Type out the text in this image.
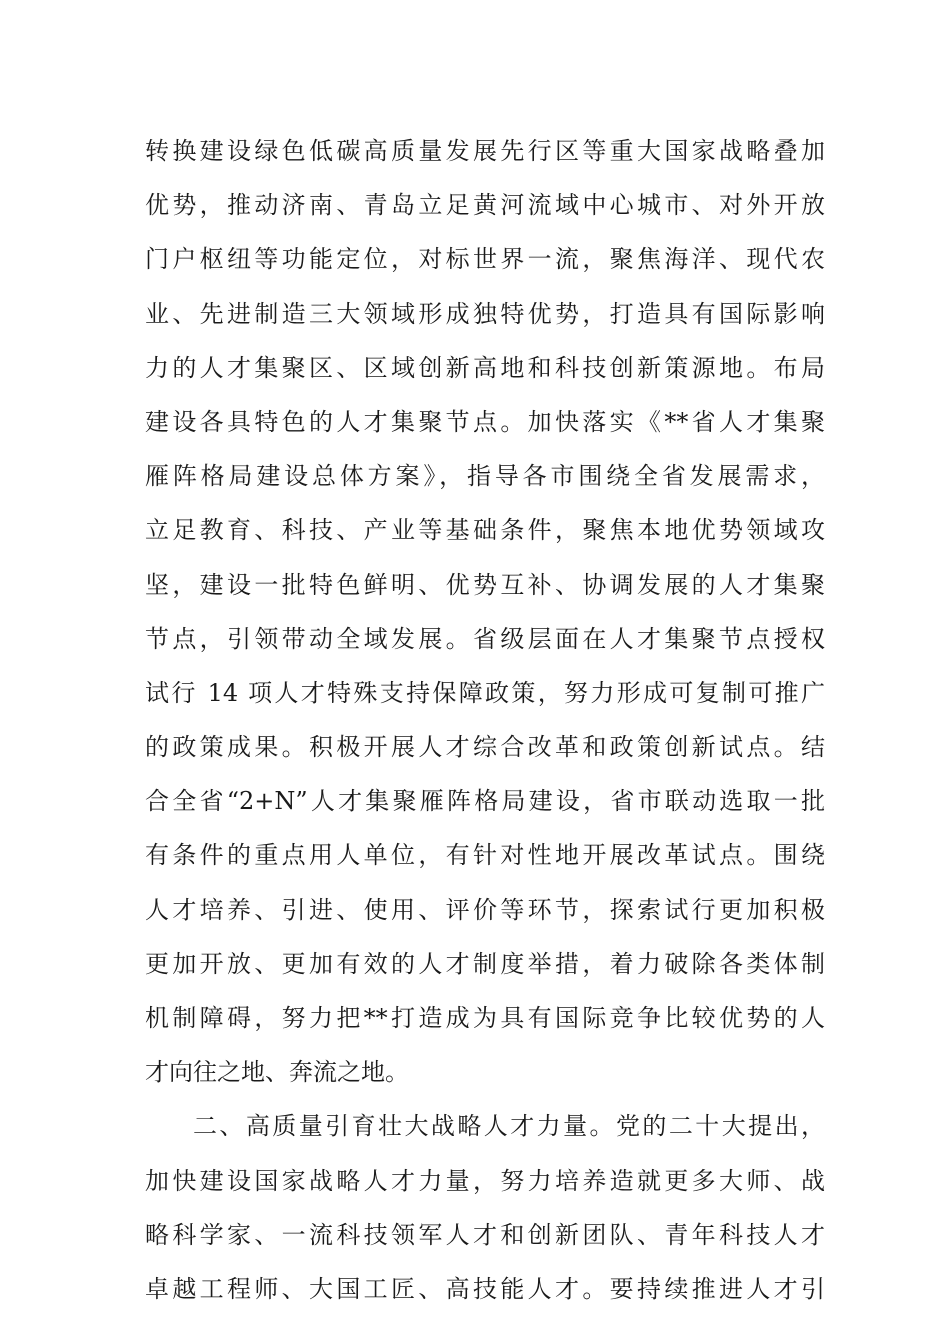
转换建设绿色低碳高质量发展先行区等重大国家战略叠加
优势，推动济南、青岛立足黄河流域中心城市、对外开放
门户枢纽等功能定位，对标世界一流，聚焦海洋、现代农
业、先进制造三大领域形成独特优势，打造具有国际影响
力的人才集聚区、区域创新高地和科技创新策源地。布局
建设各具特色的人才集聚节点。加快落实《**省人才集聚
雁阵格局建设总体方案》，指导各市围绕全省发展需求，
立足教育、科技、产业等基础条件，聚焦本地优势领域攻
坚，建设一批特色鲜明、优势互补、协调发展的人才集聚
节点，引领带动全域发展。省级层面在人才集聚节点授权
试行 14 项人才特殊支持保障政策，努力形成可复制可推广
的政策成果。积极开展人才综合改革和政策创新试点。结
合全省“2+N”人才集聚雁阵格局建设，省市联动选取一批
有条件的重点用人单位，有针对性地开展改革试点。围绕
人才培养、引进、使用、评价等环节，探索试行更加积极
更加开放、更加有效的人才制度举措，着力破除各类体制
机制障碍，努力把**打造成为具有国际竞争比较优势的人
才向往之地、奔流之地。
二、高质量引育壮大战略人才力量。党的二十大提出，
加快建设国家战略人才力量，努力培养造就更多大师、战
略科学家、一流科技领军人才和创新团队、青年科技人才
卓越工程师、大国工匠、高技能人才。要持续推进人才引
